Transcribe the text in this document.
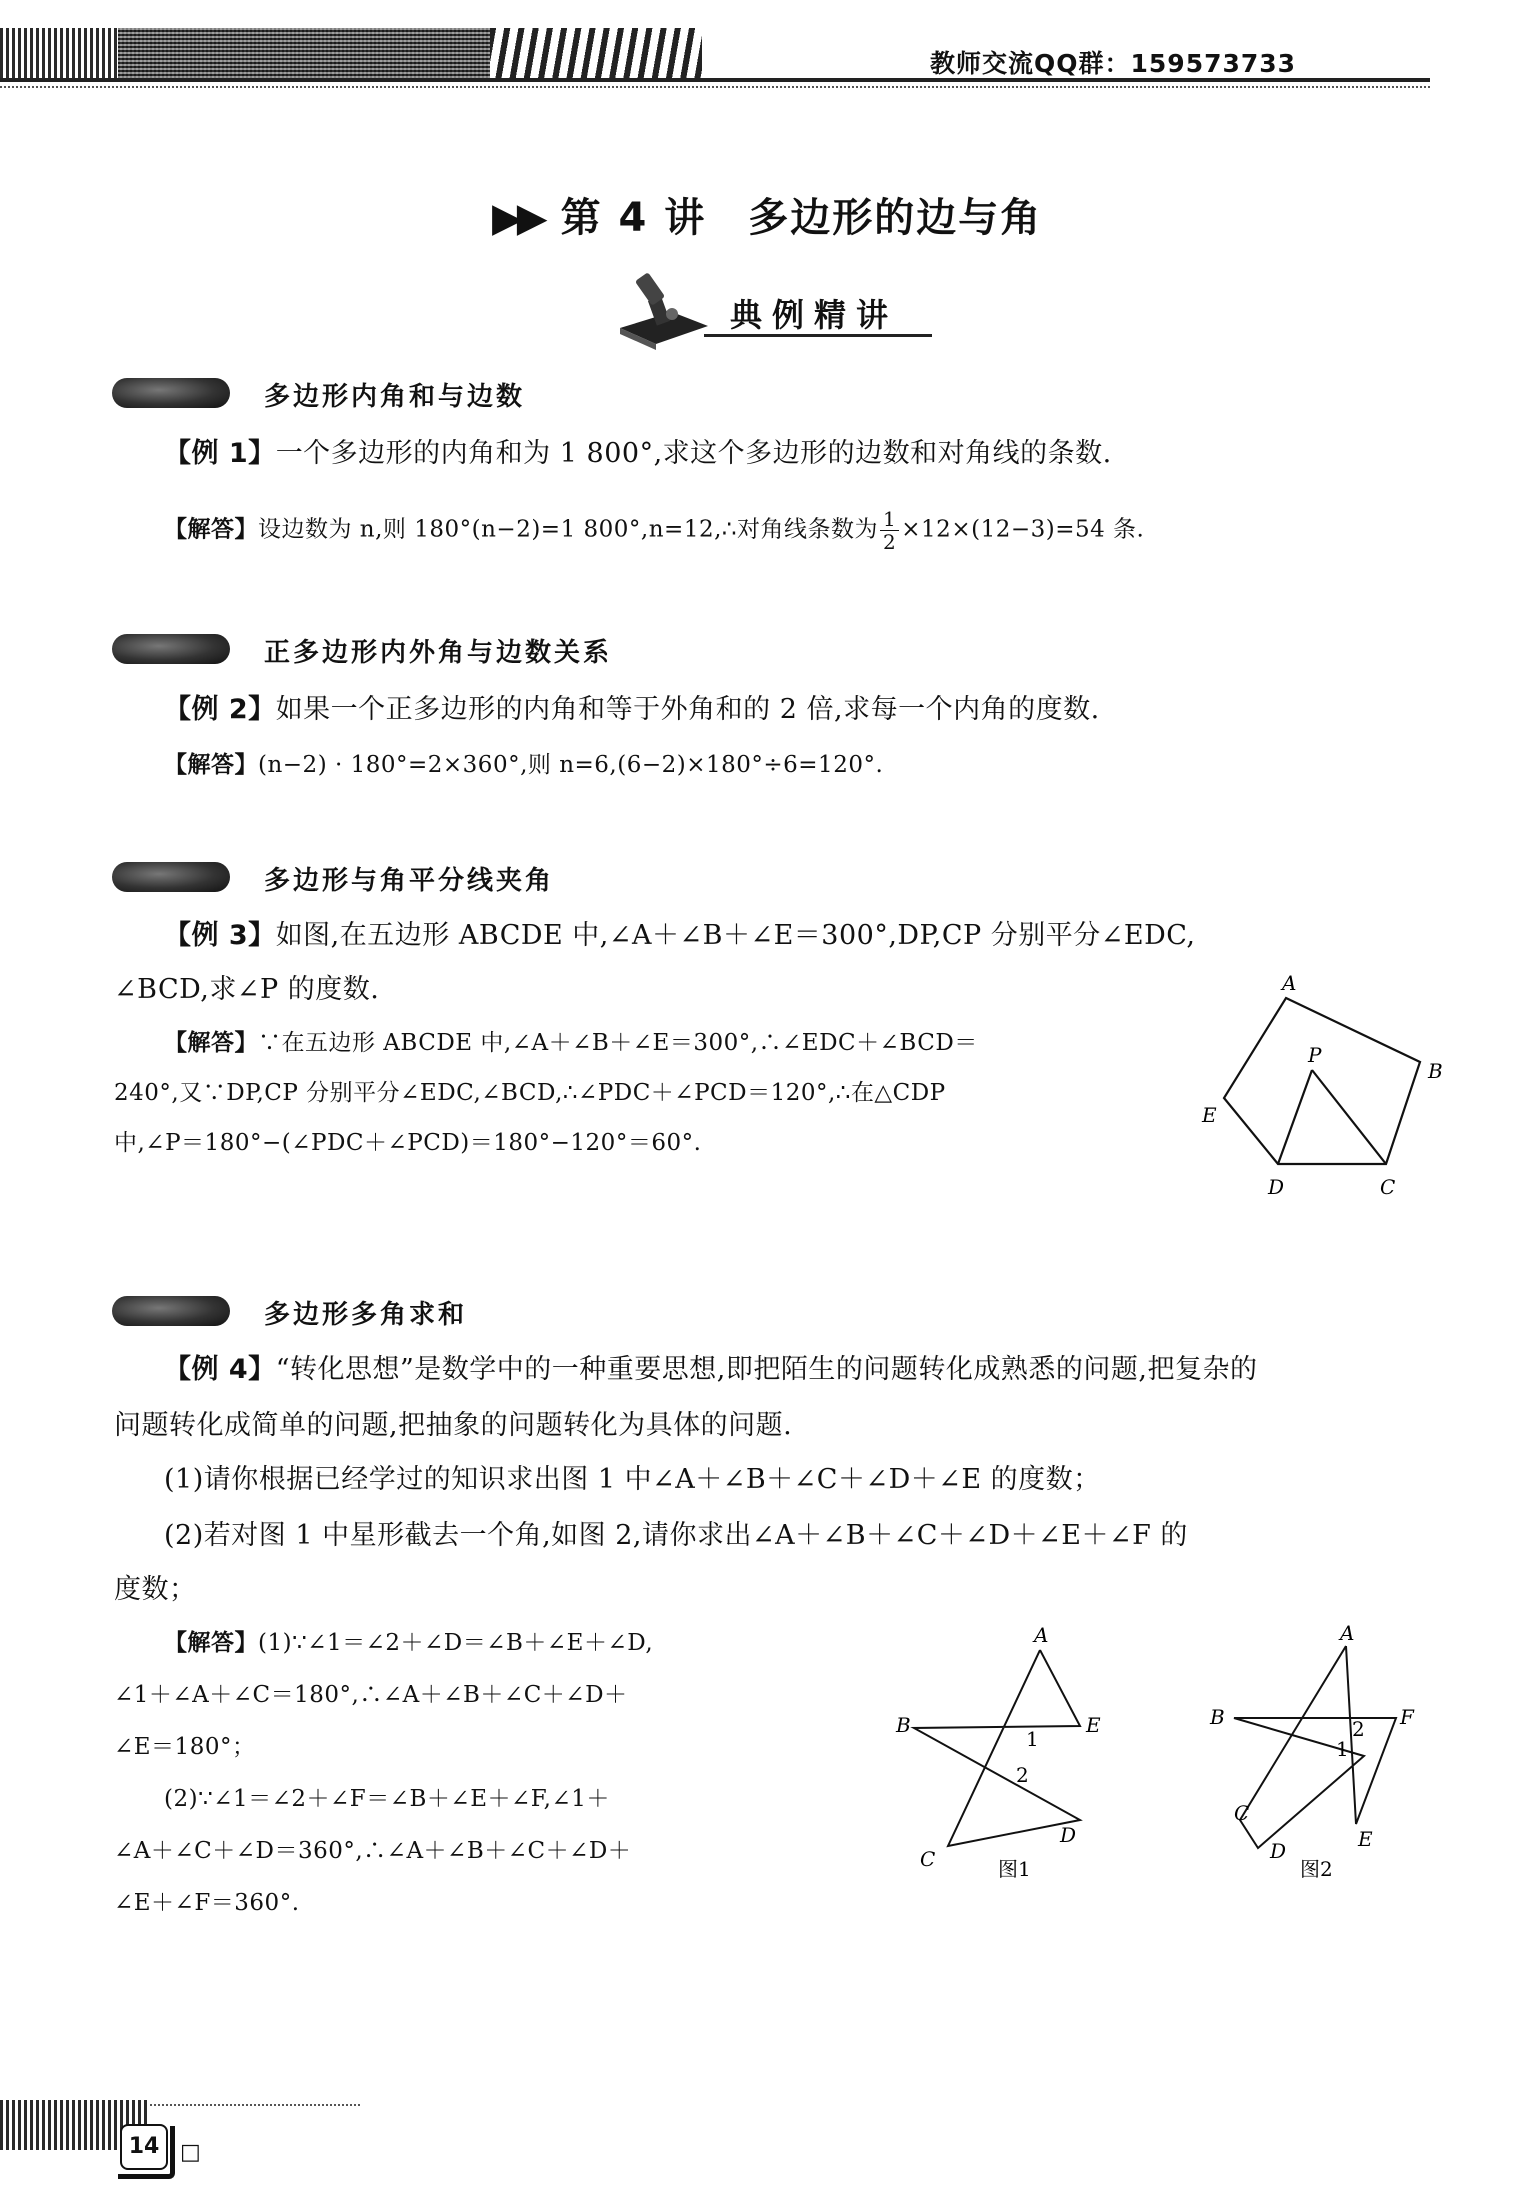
教师交流QQ群：159573733
▶▶ 第 4 讲　多边形的边与角
典例精讲
多边形内角和与边数
【例 1】一个多边形的内角和为 1 800°,求这个多边形的边数和对角线的条数.
【解答】设边数为 n,则 180°(n−2)=1 800°,n=12,∴对角线条数为 $\frac{1}{2} \times 12\times(12-3)=54$ 条.
正多边形内外角与边数关系
【例 2】如果一个正多边形的内角和等于外角和的 2 倍,求每一个内角的度数.
【解答】(n−2) · 180°=2×360°,则 n=6,(6−2)×180°÷6=120°.
多边形与角平分线夹角
【例 3】如图,在五边形 ABCDE 中,∠A＋∠B＋∠E＝300°,DP,CP 分别平分∠EDC,
∠BCD,求∠P 的度数.
【解答】∵在五边形 ABCDE 中,∠A＋∠B＋∠E＝300°,∴∠EDC＋∠BCD＝
240°,又∵DP,CP 分别平分∠EDC,∠BCD,∴∠PDC＋∠PCD＝120°,∴在△CDP
中,∠P＝180°−(∠PDC＋∠PCD)＝180°−120°＝60°.
A
B
C
D
E
P
多边形多角求和
【例 4】“转化思想”是数学中的一种重要思想,即把陌生的问题转化成熟悉的问题,把复杂的
问题转化成简单的问题,把抽象的问题转化为具体的问题.
(1)请你根据已经学过的知识求出图 1 中∠A＋∠B＋∠C＋∠D＋∠E 的度数；
(2)若对图 1 中星形截去一个角,如图 2,请你求出∠A＋∠B＋∠C＋∠D＋∠E＋∠F 的
度数；
【解答】(1)∵∠1＝∠2＋∠D＝∠B＋∠E＋∠D,
∠1＋∠A＋∠C＝180°,∴∠A＋∠B＋∠C＋∠D＋
∠E＝180°；
(2)∵∠1＝∠2＋∠F＝∠B＋∠E＋∠F,∠1＋
∠A＋∠C＋∠D＝360°,∴∠A＋∠B＋∠C＋∠D＋
∠E＋∠F＝360°.
A
B
C
D
E
1
2
图1
A
B
C
D	E
F
1
2
图2
14 □
